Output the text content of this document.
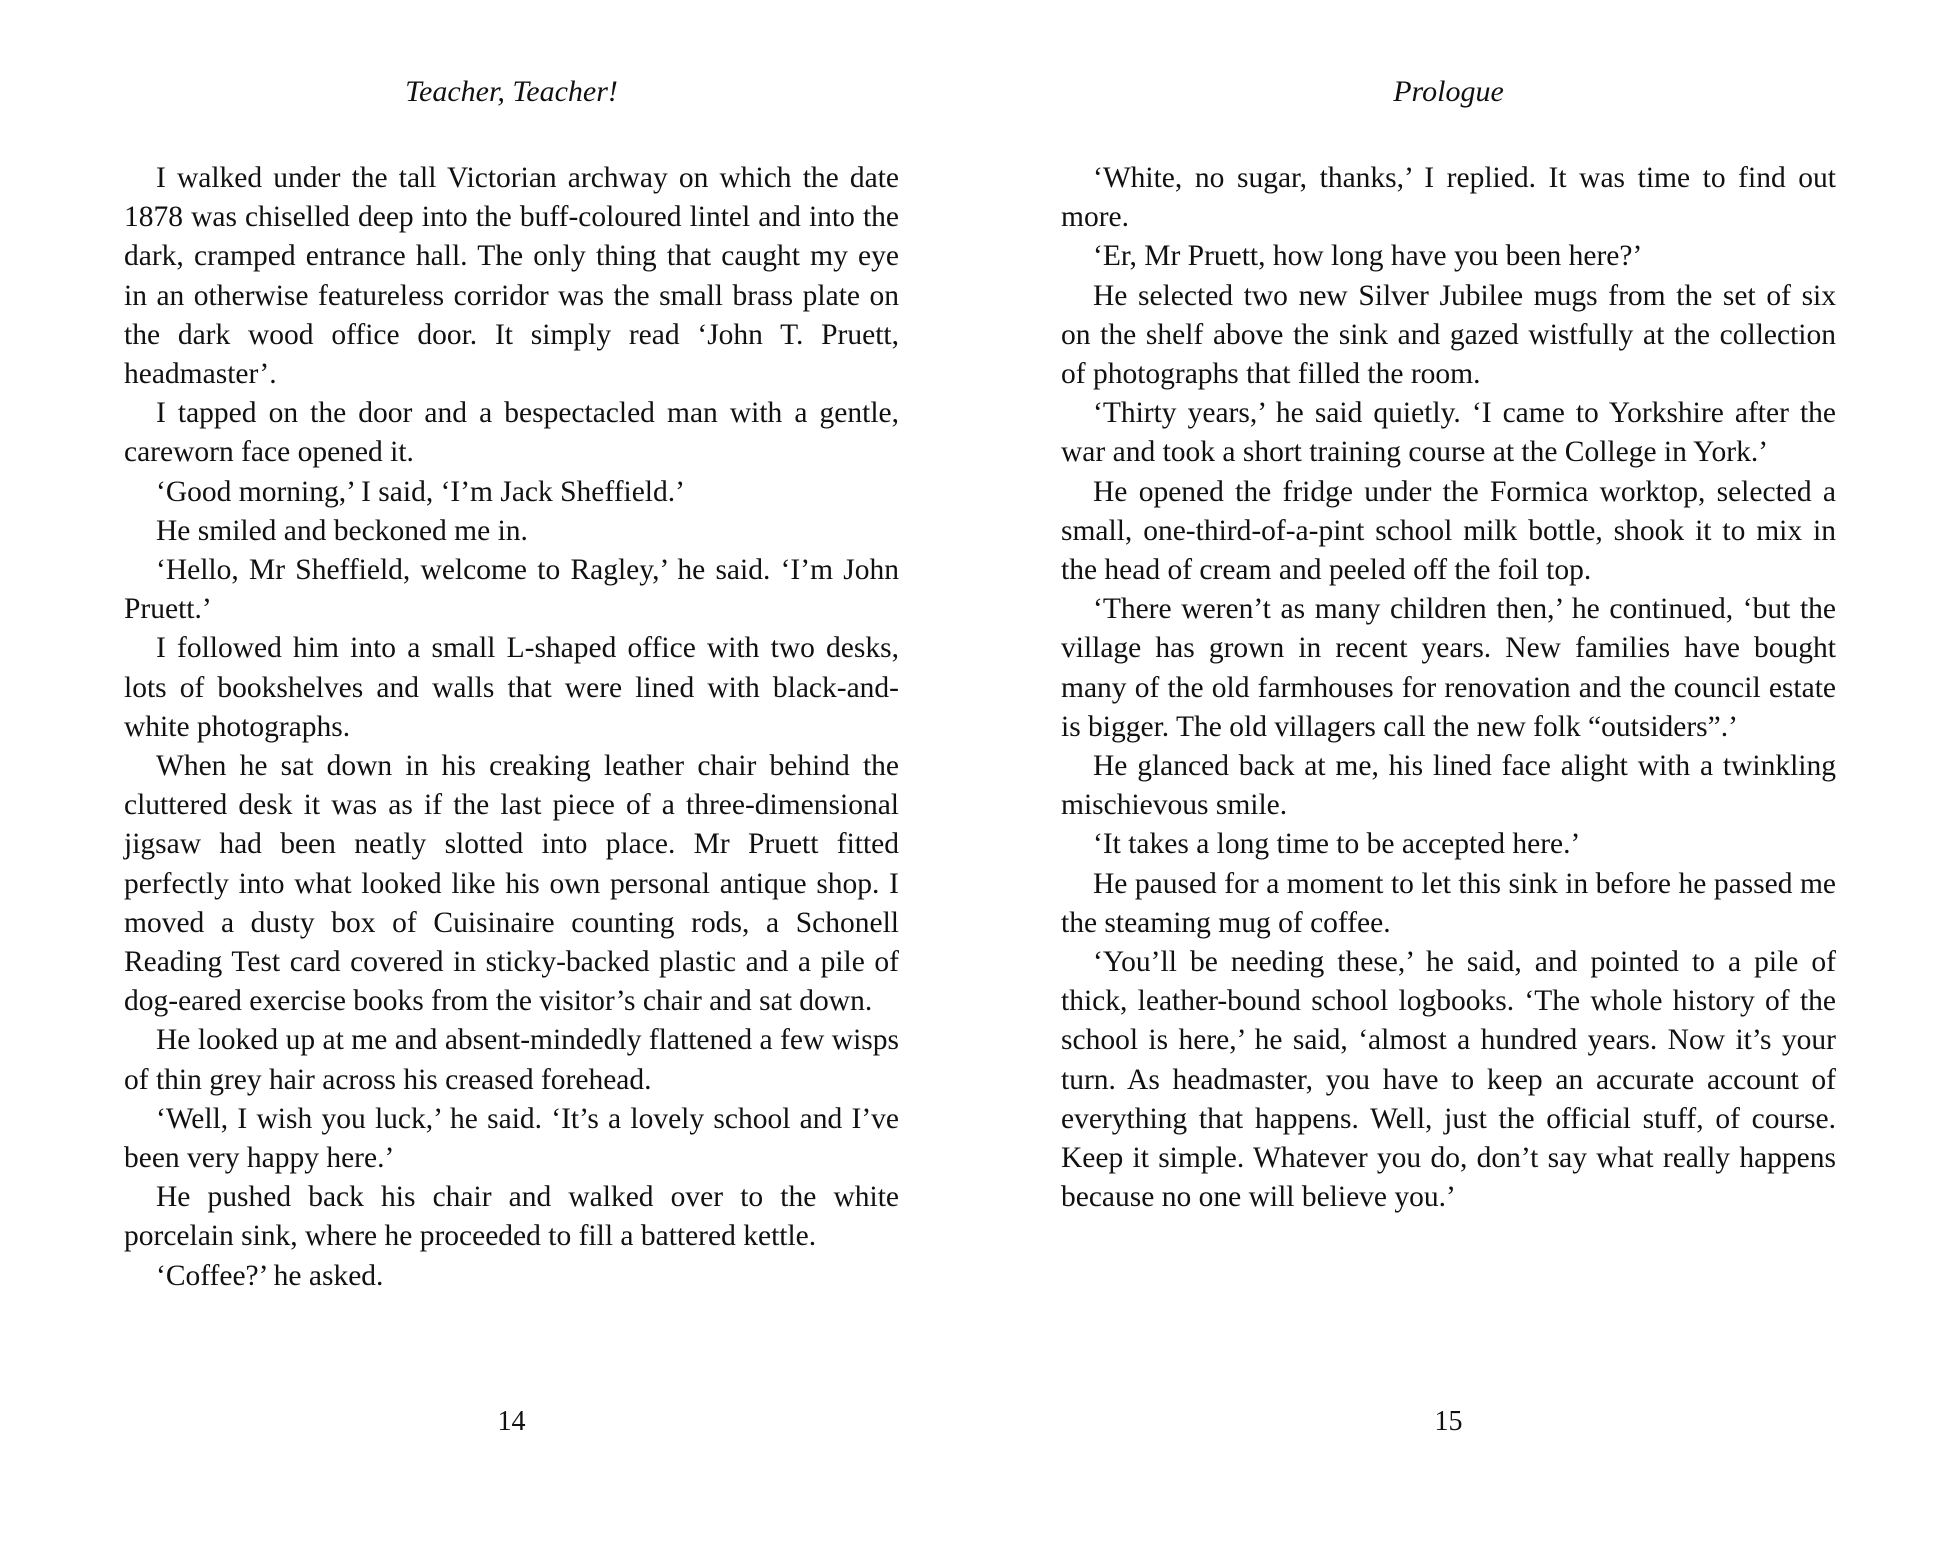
Teacher, Teacher!

I walked under the tall Victorian archway on which the date 1878 was chiselled deep into the buff-coloured lintel and into the dark, cramped entrance hall. The only thing that caught my eye in an otherwise featureless corridor was the small brass plate on the dark wood office door. It simply read ‘John T. Pruett, headmaster’.

I tapped on the door and a bespectacled man with a gentle, careworn face opened it.

‘Good morning,’ I said, ‘I’m Jack Sheffield.’

He smiled and beckoned me in.

‘Hello, Mr Sheffield, welcome to Ragley,’ he said. ‘I’m John Pruett.’

I followed him into a small L-shaped office with two desks, lots of bookshelves and walls that were lined with black-and-white photographs.

When he sat down in his creaking leather chair behind the cluttered desk it was as if the last piece of a three-dimensional jigsaw had been neatly slotted into place. Mr Pruett fitted perfectly into what looked like his own personal antique shop. I moved a dusty box of Cuisinaire counting rods, a Schonell Reading Test card covered in sticky-backed plastic and a pile of dog-eared exercise books from the visitor’s chair and sat down.

He looked up at me and absent-mindedly flattened a few wisps of thin grey hair across his creased forehead.

‘Well, I wish you luck,’ he said. ‘It’s a lovely school and I’ve been very happy here.’

He pushed back his chair and walked over to the white porcelain sink, where he proceeded to fill a battered kettle.

‘Coffee?’ he asked.

14
Prologue

‘White, no sugar, thanks,’ I replied. It was time to find out more.

‘Er, Mr Pruett, how long have you been here?’

He selected two new Silver Jubilee mugs from the set of six on the shelf above the sink and gazed wistfully at the collection of photographs that filled the room.

‘Thirty years,’ he said quietly. ‘I came to Yorkshire after the war and took a short training course at the College in York.’

He opened the fridge under the Formica worktop, selected a small, one-third-of-a-pint school milk bottle, shook it to mix in the head of cream and peeled off the foil top.

‘There weren’t as many children then,’ he continued, ‘but the village has grown in recent years. New families have bought many of the old farmhouses for renovation and the council estate is bigger. The old villagers call the new folk “outsiders”.’

He glanced back at me, his lined face alight with a twinkling mischievous smile.

‘It takes a long time to be accepted here.’

He paused for a moment to let this sink in before he passed me the steaming mug of coffee.

‘You’ll be needing these,’ he said, and pointed to a pile of thick, leather-bound school logbooks. ‘The whole history of the school is here,’ he said, ‘almost a hundred years. Now it’s your turn. As headmaster, you have to keep an accurate account of everything that happens. Well, just the official stuff, of course. Keep it simple. Whatever you do, don’t say what really happens because no one will believe you.’

15
